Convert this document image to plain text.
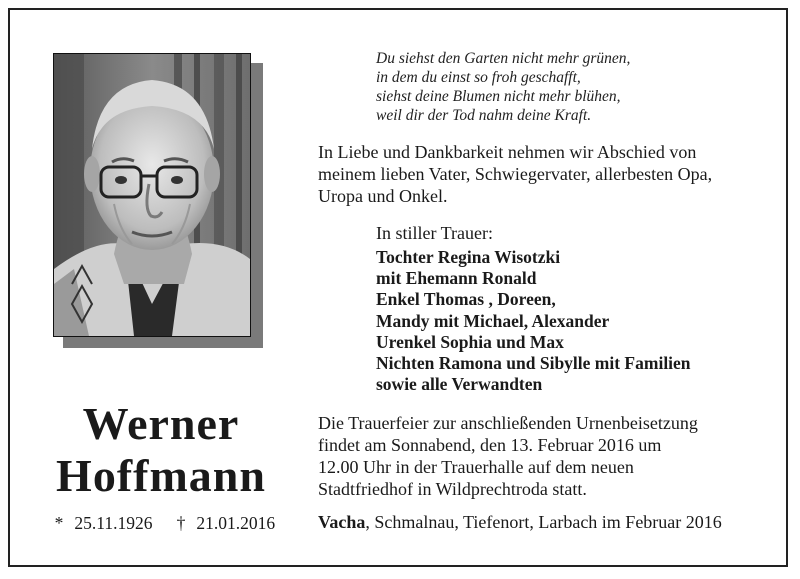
Du siehst den Garten nicht mehr grünen,
in dem du einst so froh geschafft,
siehst deine Blumen nicht mehr blühen,
weil dir der Tod nahm deine Kraft.
In Liebe und Dankbarkeit nehmen wir Abschied von
meinem lieben Vater, Schwiegervater, allerbesten Opa,
Uropa und Onkel.
In stiller Trauer:
Tochter Regina Wisotzki
mit Ehemann Ronald
Enkel Thomas , Doreen,
Mandy mit Michael, Alexander
Urenkel Sophia und Max
Nichten Ramona und Sibylle mit Familien
sowie alle Verwandten
Werner
Hoffmann
* 25.11.1926 † 21.01.2016
Die Trauerfeier zur anschließenden Urnenbeisetzung
findet am Sonnabend, den 13. Februar 2016 um
12.00 Uhr in der Trauerhalle auf dem neuen
Stadtfriedhof in Wildprechtroda statt.
Vacha, Schmalnau, Tiefenort, Larbach im Februar 2016
